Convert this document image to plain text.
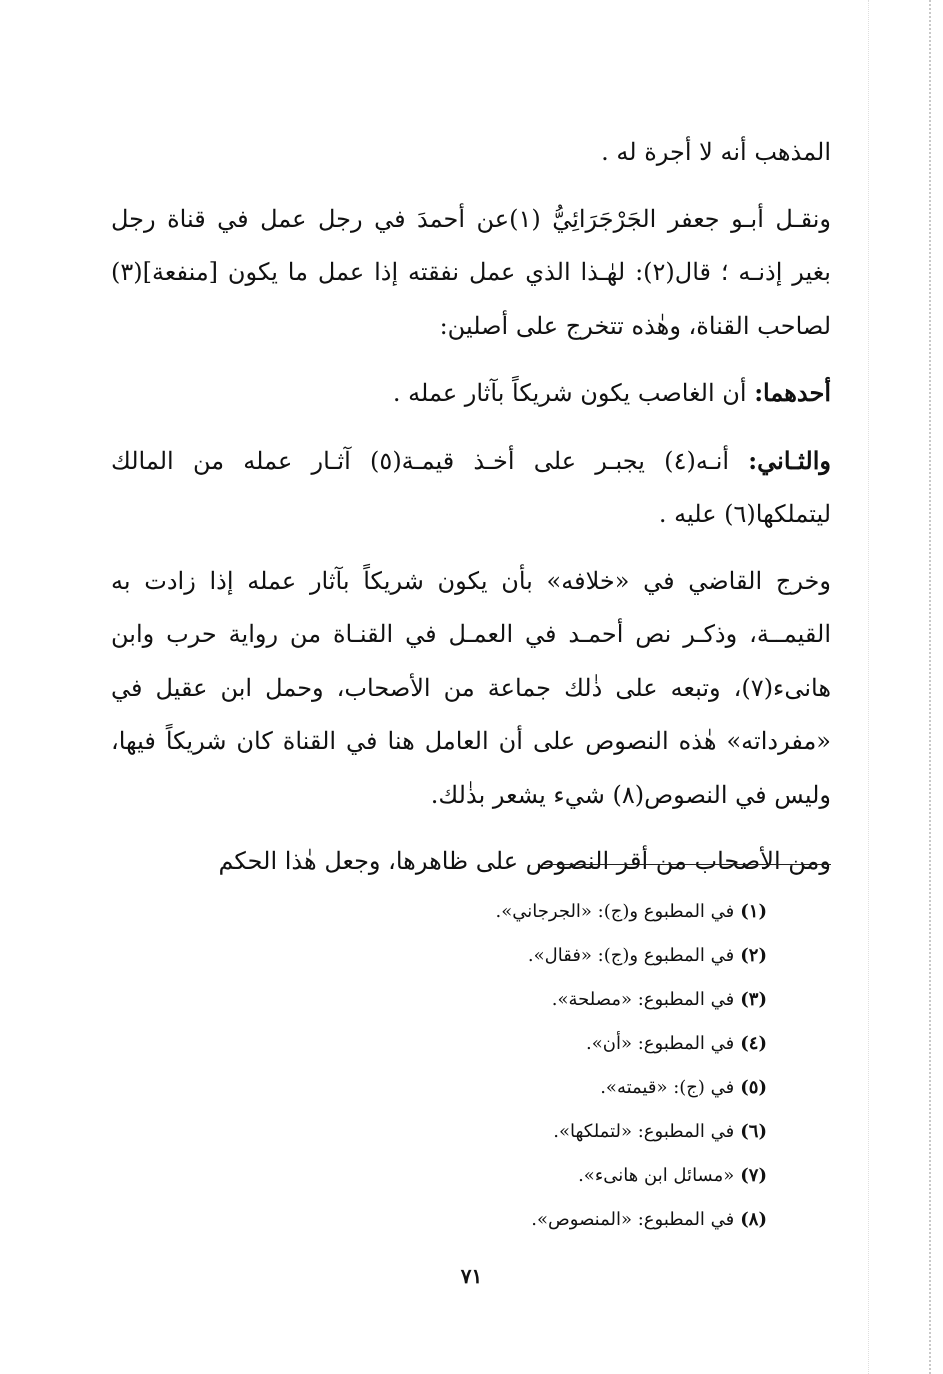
المذهب أنه لا أجرة له .

ونقـل أبـو جعفر الجَرْجَرَائِيُّ (١)عن أحمدَ في رجل عمل في قناة رجل بغير إذنـه ؛ قال(٢): لهٰـذا الذي عمل نفقته إذا عمل ما يكون [منفعة](٣) لصاحب القناة، وهٰذه تتخرج على أصلين:

أحدهما: أن الغاصب يكون شريكاً بآثار عمله .

والثـاني: أنـه(٤) يجبـر على أخـذ قيمـة(٥) آثـار عمله من المالك ليتملكها(٦) عليه .

وخرج القاضي في «خلافه» بأن يكون شريكاً بآثار عمله إذا زادت به القيمــة، وذكـر نص أحمـد في العمـل في القنـاة من رواية حرب وابن هانىء(٧)، وتبعه على ذٰلك جماعة من الأصحاب، وحمل ابن عقيل في «مفرداته» هٰذه النصوص على أن العامل هنا في القناة كان شريكاً فيها، وليس في النصوص(٨) شيء يشعر بذٰلك.

ومن الأصحاب من أقر النصوص على ظاهرها، وجعل هٰذا الحكم

(١)في المطبوع و(ج): «الجرجاني».
(٢)في المطبوع و(ج): «فقال».
(٣)في المطبوع: «مصلحة».
(٤)في المطبوع: «أن».
(٥)في (ج): «قيمته».
(٦)في المطبوع: «لتملكها».
(٧)«مسائل ابن هانىء».
(٨)في المطبوع: «المنصوص».
٧١
